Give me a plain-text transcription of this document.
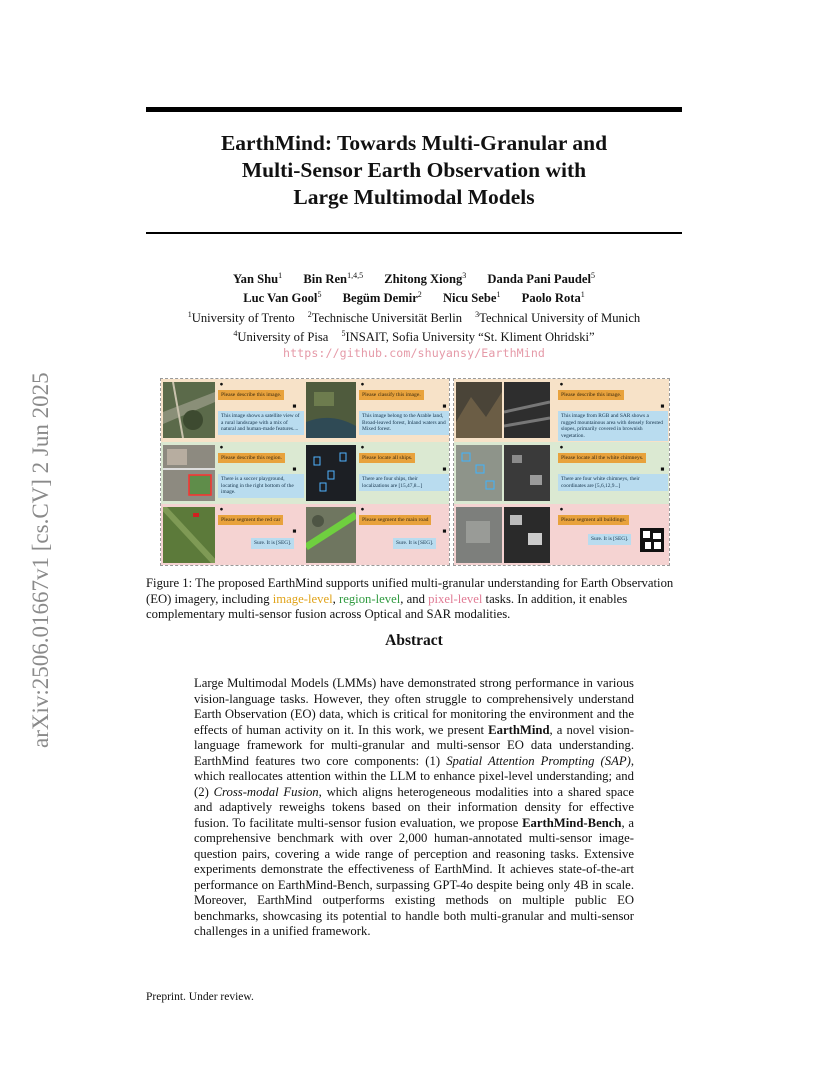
arXiv:2506.01667v1 [cs.CV] 2 Jun 2025
EarthMind: Towards Multi-Granular and
Multi-Sensor Earth Observation with
Large Multimodal Models
Yan Shu$^1$ Bin Ren$^{1,4,5}$ Zhitong Xiong$^3$ Danda Pani Paudel$^5$
Luc Van Gool$^5$ Begüm Demir$^2$ Nicu Sebe$^1$ Paolo Rota$^1$
$^1$University of Trento $^2$Technische Universität Berlin $^3$Technical University of Munich
$^4$University of Pisa $^5$INSAIT, Sofia University “St. Kliment Ohridski”
https://github.com/shuyansy/EarthMind
●
Please describe this image.
■
This image shows a satellite view of a rural landscape with a mix of natural and human-made features....
●
Please classify this image.
■
This image belong to the Arable land, Broad-leaved forest, Inland waters and Mixed forest.
●
Please describe this region.
■
There is a soccer playground, locating in the right bottom of the image.
●
Please locate all ships.
■
There are four ships, their localizations are [15,47,8...]
●
Please segment the red car
■
Sure. It is [SEG].
●
Please segment the main road
■
Sure. It is [SEG].
●
Please describe this image.
■
This image from RGB and SAR shows a rugged mountainous area with densely forested slopes, primarily covered in brownish vegetation.
●
Please locate all the white chimneys.
■
There are four white chimneys, their coordinates are [5,6,12,9...]
●
Please segment all buildings.
Sure. It is [SEG].

Figure 1: The proposed EarthMind supports unified multi-granular understanding for Earth Observation (EO) imagery, including image-level, region-level, and pixel-level tasks. In addition, it enables complementary multi-sensor fusion across Optical and SAR modalities.

Abstract

Large Multimodal Models (LMMs) have demonstrated strong performance in various vision-language tasks. However, they often struggle to comprehensively understand Earth Observation (EO) data, which is critical for monitoring the environment and the effects of human activity on it. In this work, we present EarthMind, a novel vision-language framework for multi-granular and multi-sensor EO data understanding. EarthMind features two core components: (1) Spatial Attention Prompting (SAP), which reallocates attention within the LLM to enhance pixel-level understanding; and (2) Cross-modal Fusion, which aligns heterogeneous modalities into a shared space and adaptively reweighs tokens based on their information density for effective fusion. To facilitate multi-sensor fusion evaluation, we propose EarthMind-Bench, a comprehensive benchmark with over 2,000 human-annotated multi-sensor image-question pairs, covering a wide range of perception and reasoning tasks. Extensive experiments demonstrate the effectiveness of EarthMind. It achieves state-of-the-art performance on EarthMind-Bench, surpassing GPT-4o despite being only 4B in scale. Moreover, EarthMind outperforms existing methods on multiple public EO benchmarks, showcasing its potential to handle both multi-granular and multi-sensor challenges in a unified framework.

Preprint. Under review.
